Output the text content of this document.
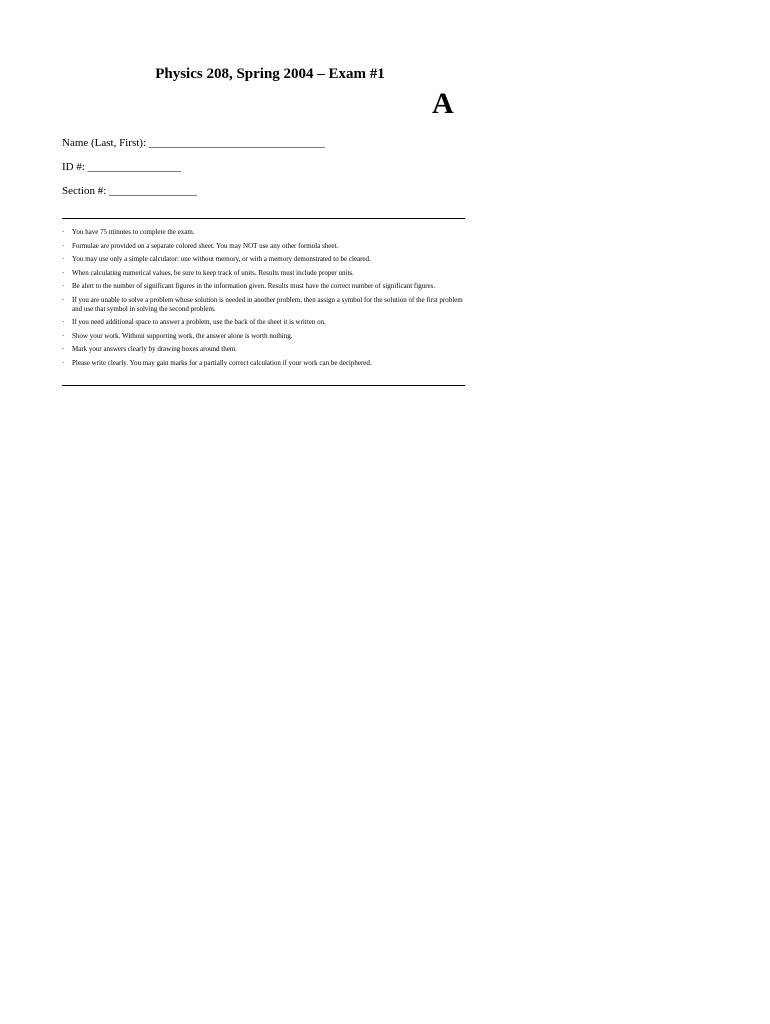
Physics 208, Spring 2004 – Exam #1
A
Name (Last, First): ________________________________
ID #: _________________
Section #: ________________
· You have 75 minutes to complete the exam.
· Formulae are provided on a separate colored sheet. You may NOT use any other formula sheet.
· You may use only a simple calculator: one without memory, or with a memory demonstrated to be cleared.
· When calculating numerical values, be sure to keep track of units. Results must include proper units.
· Be alert to the number of significant figures in the information given. Results must have the correct number of significant figures.
· If you are unable to solve a problem whose solution is needed in another problem, then assign a symbol for the solution of the first problem and use that symbol in solving the second problem.
· If you need additional space to answer a problem, use the back of the sheet it is written on.
· Show your work. Without supporting work, the answer alone is worth nothing.
· Mark your answers clearly by drawing boxes around them.
· Please write clearly. You may gain marks for a partially correct calculation if your work can be deciphered.
